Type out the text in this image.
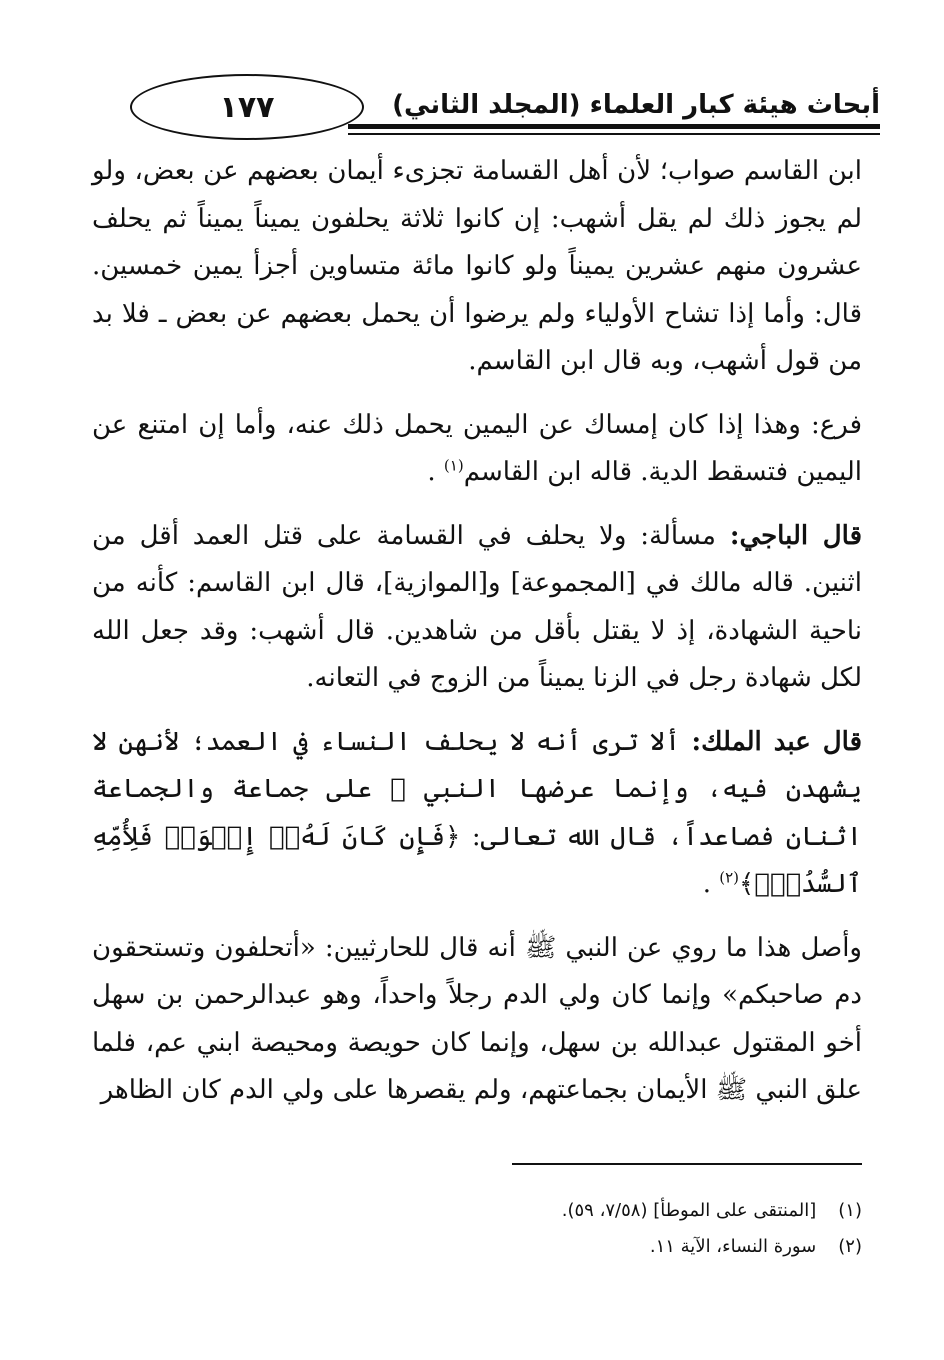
أبحاث هيئة كبار العلماء (المجلد الثاني)
١٧٧

ابن القاسم صواب؛ لأن أهل القسامة تجزىء أيمان بعضهم عن بعض، ولو لم يجوز ذلك لم يقل أشهب: إن كانوا ثلاثة يحلفون يميناً يميناً ثم يحلف عشرون منهم عشرين يميناً ولو كانوا مائة متساوين أجزأ يمين خمسين. قال: وأما إذا تشاح الأولياء ولم يرضوا أن يحمل بعضهم عن بعض ـ فلا بد من قول أشهب، وبه قال ابن القاسم.

فرع: وهذا إذا كان إمساك عن اليمين يحمل ذلك عنه، وأما إن امتنع عن اليمين فتسقط الدية. قاله ابن القاسم$^{(١)}$ .

قال الباجي: مسألة: ولا يحلف في القسامة على قتل العمد أقل من اثنين. قاله مالك في [المجموعة] و[الموازية]، قال ابن القاسم: كأنه من ناحية الشهادة، إذ لا يقتل بأقل من شاهدين. قال أشهب: وقد جعل الله لكل شهادة رجل في الزنا يميناً من الزوج في التعانه.

قال عبد الملك: ألا ترى أنه لا يحلف النساء في العمد؛ لأنهن لا يشهدن فيه، وإنما عرضها النبي ﷺ على جماعة والجماعة اثنان فصاعداً، قال الله تعالى: ﴿فَإِن كَانَ لَهُۥٓ إِخۡوَةٞ فَلِأُمِّهِ ٱلسُّدُسُۚ﴾$^{(٢)}$ .

وأصل هذا ما روي عن النبي ﷺ أنه قال للحارثيين: «أتحلفون وتستحقون دم صاحبكم» وإنما كان ولي الدم رجلاً واحداً، وهو عبدالرحمن بن سهل أخو المقتول عبدالله بن سهل، وإنما كان حويصة ومحيصة ابني عم، فلما علق النبي ﷺ الأيمان بجماعتهم، ولم يقصرها على ولي الدم كان الظاهر

(١) [المنتقى على الموطأ] (٧/٥٨، ٥٩).
(٢) سورة النساء، الآية ١١.
